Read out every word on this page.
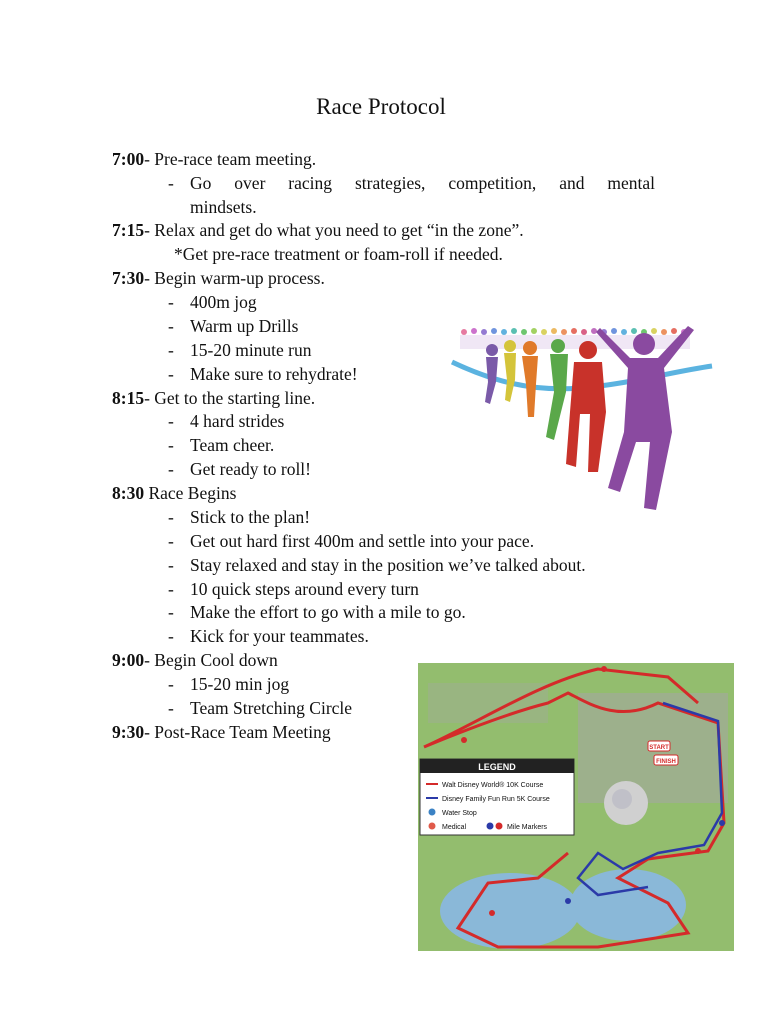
Race Protocol
7:00- Pre-race team meeting.
- Go over racing strategies, competition, and mental
mindsets.
7:15- Relax and get do what you need to get “in the zone”.
*Get pre-race treatment or foam-roll if needed.
7:30- Begin warm-up process.
- 400m jog
- Warm up Drills
- 15-20 minute run
- Make sure to rehydrate!
8:15- Get to the starting line.
- 4 hard strides
- Team cheer.
- Get ready to roll!
8:30 Race Begins
- Stick to the plan!
- Get out hard first 400m and settle into your pace.
- Stay relaxed and stay in the position we’ve talked about.
- 10 quick steps around every turn
- Make the effort to go with a mile to go.
- Kick for your teammates.
9:00- Begin Cool down
- 15-20 min jog
- Team Stretching Circle
9:30- Post-Race Team Meeting
START
FINISH
LEGEND
Walt Disney World® 10K Course
Disney Family Fun Run 5K Course
Water Stop
Medical	Mile Markers
